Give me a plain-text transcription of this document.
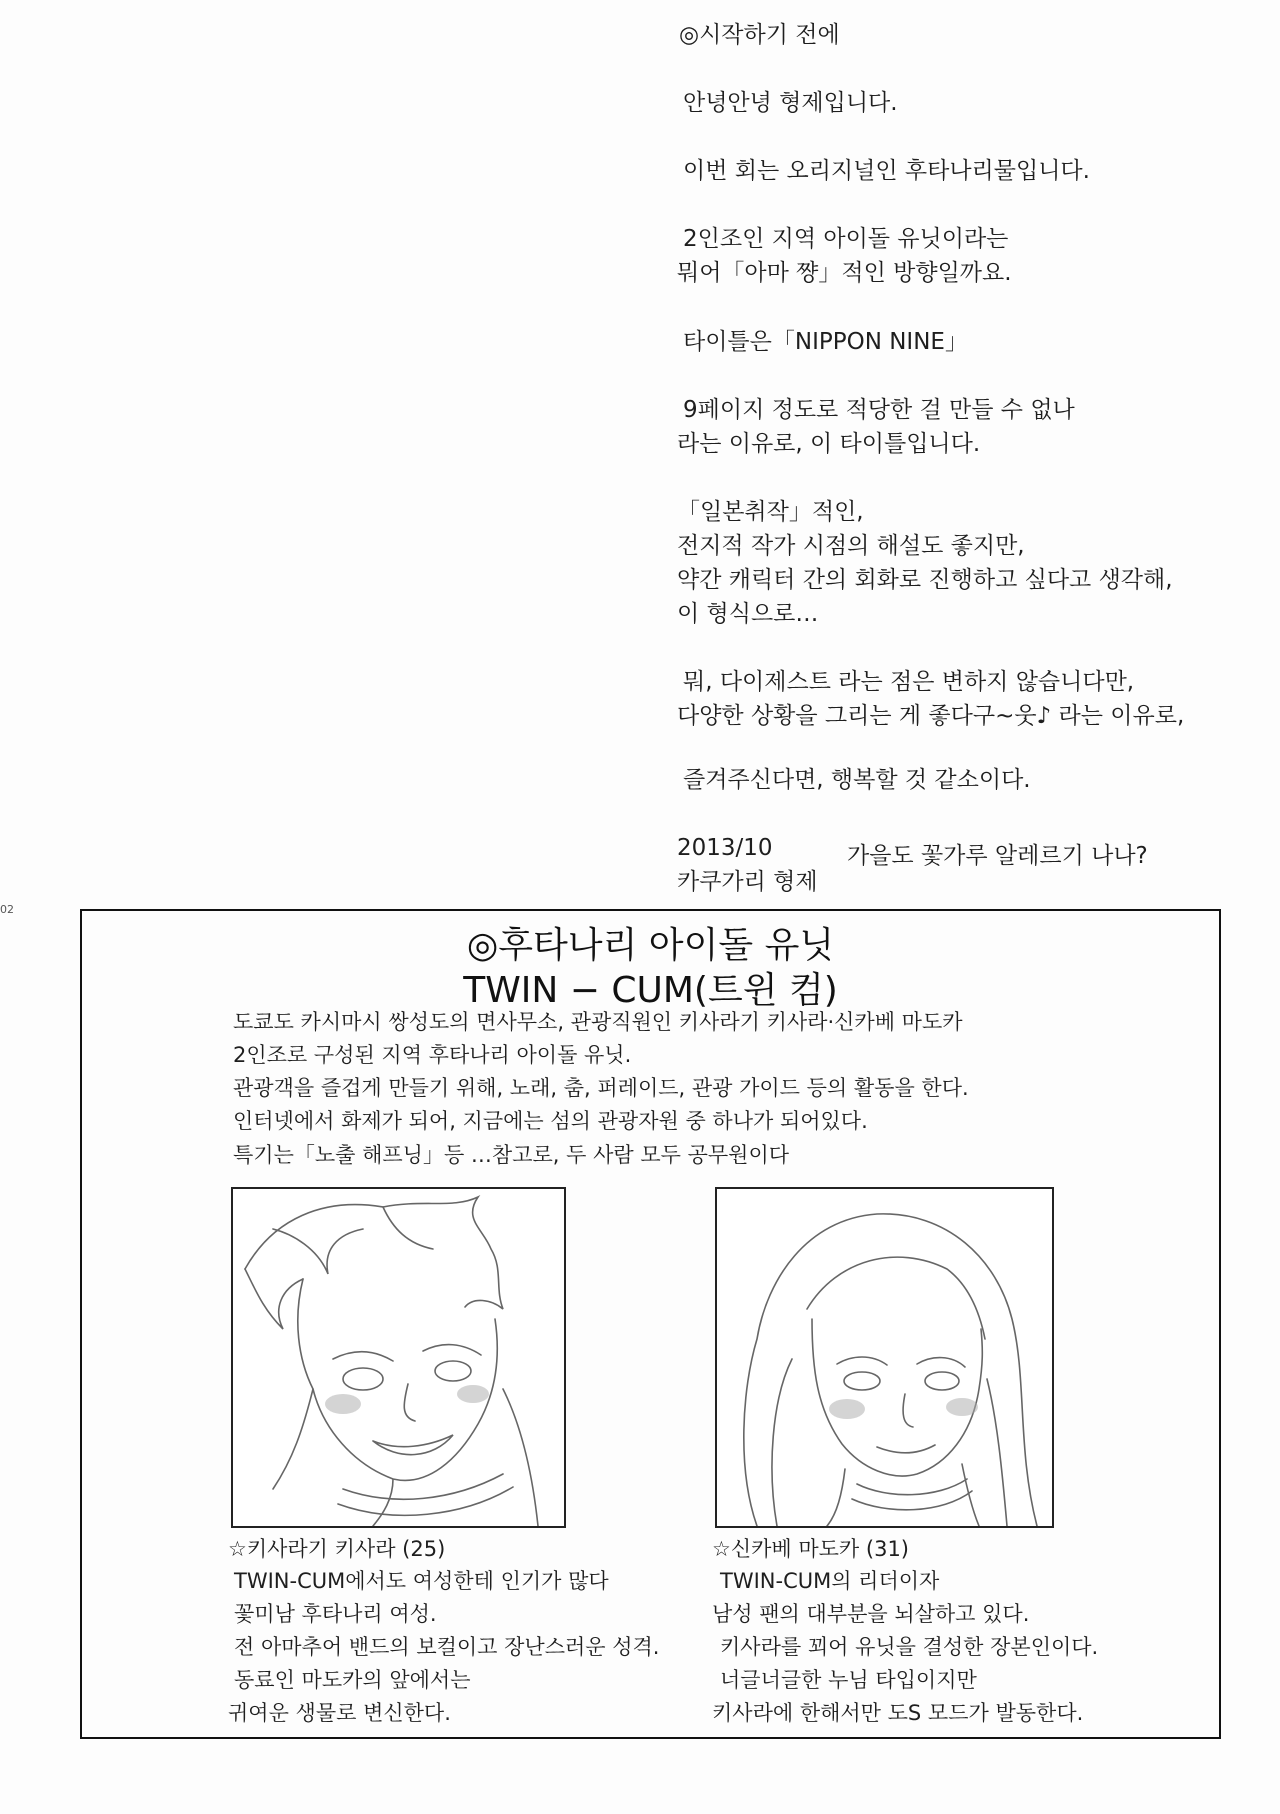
◎시작하기 전에
안녕안녕 형제입니다.
이번 회는 오리지널인 후타나리물입니다.
2인조인 지역 아이돌 유닛이라는
뭐어「아마 쨩」적인 방향일까요.
타이틀은「NIPPON NINE」
9페이지 정도로 적당한 걸 만들 수 없나
라는 이유로, 이 타이틀입니다.
「일본취작」적인,
전지적 작가 시점의 해설도 좋지만,
약간 캐릭터 간의 회화로 진행하고 싶다고 생각해,
이 형식으로…
뭐, 다이제스트 라는 점은 변하지 않습니다만,
다양한 상황을 그리는 게 좋다구~웃♪ 라는 이유로,
즐겨주신다면, 행복할 것 같소이다.
2013/10	가을도 꽃가루 알레르기 나나?
카쿠가리 형제
02
◎후타나리 아이돌 유닛
TWIN − CUM(트윈 컴)
도쿄도 카시마시 쌍성도의 면사무소, 관광직원인 키사라기 키사라·신카베 마도카
2인조로 구성된 지역 후타나리 아이돌 유닛.
관광객을 즐겁게 만들기 위해, 노래, 춤, 퍼레이드, 관광 가이드 등의 활동을 한다.
인터넷에서 화제가 되어, 지금에는 섬의 관광자원 중 하나가 되어있다.
특기는「노출 해프닝」등 …참고로, 두 사람 모두 공무원이다
☆키사라기 키사라 (25)
TWIN-CUM에서도 여성한테 인기가 많다
꽃미남 후타나리 여성.
전 아마추어 밴드의 보컬이고 장난스러운 성격.
동료인 마도카의 앞에서는
귀여운 생물로 변신한다.
☆신카베 마도카 (31)
TWIN-CUM의 리더이자
남성 팬의 대부분을 뇌살하고 있다.
키사라를 꾀어 유닛을 결성한 장본인이다.
너글너글한 누님 타입이지만
키사라에 한해서만 도S 모드가 발동한다.
